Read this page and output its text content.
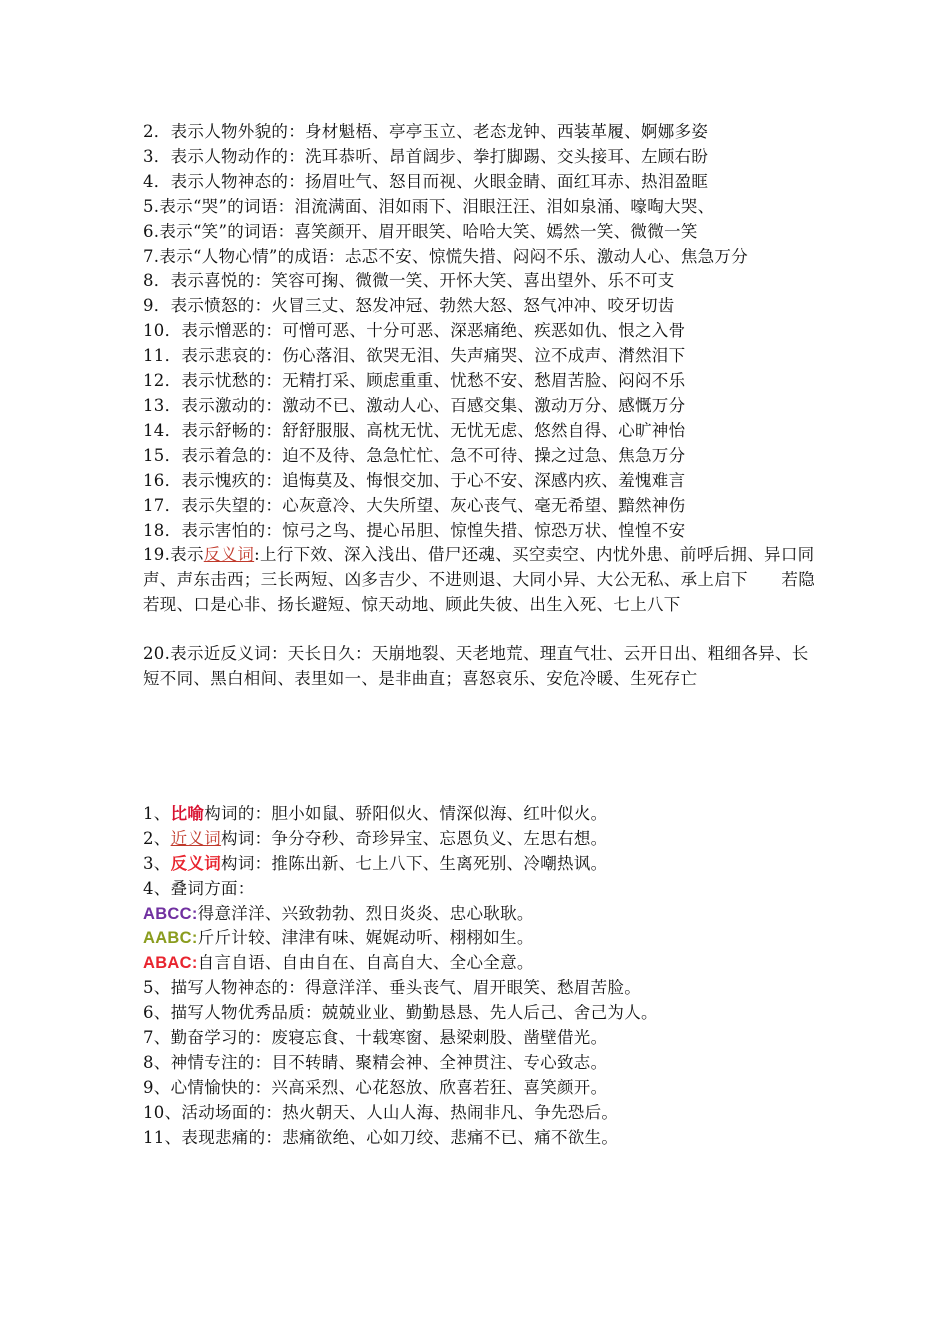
2．表示人物外貌的：身材魁梧、亭亭玉立、老态龙钟、西装革履、婀娜多姿
3．表示人物动作的：洗耳恭听、昂首阔步、拳打脚踢、交头接耳、左顾右盼
4．表示人物神态的：扬眉吐气、怒目而视、火眼金睛、面红耳赤、热泪盈眶
5.表示“哭”的词语：泪流满面、泪如雨下、泪眼汪汪、泪如泉涌、嚎啕大哭、
6.表示“笑”的词语：喜笑颜开、眉开眼笑、哈哈大笑、嫣然一笑、微微一笑
7.表示“人物心情”的成语：忐忑不安、惊慌失措、闷闷不乐、激动人心、焦急万分
8．表示喜悦的：笑容可掬、微微一笑、开怀大笑、喜出望外、乐不可支
9．表示愤怒的：火冒三丈、怒发冲冠、勃然大怒、怒气冲冲、咬牙切齿
10．表示憎恶的：可憎可恶、十分可恶、深恶痛绝、疾恶如仇、恨之入骨
11．表示悲哀的：伤心落泪、欲哭无泪、失声痛哭、泣不成声、潸然泪下
12．表示忧愁的：无精打采、顾虑重重、忧愁不安、愁眉苦脸、闷闷不乐
13．表示激动的：激动不已、激动人心、百感交集、激动万分、感慨万分
14．表示舒畅的：舒舒服服、高枕无忧、无忧无虑、悠然自得、心旷神怡
15．表示着急的：迫不及待、急急忙忙、急不可待、操之过急、焦急万分
16．表示愧疚的：追悔莫及、悔恨交加、于心不安、深感内疚、羞愧难言
17．表示失望的：心灰意冷、大失所望、灰心丧气、毫无希望、黯然神伤
18．表示害怕的：惊弓之鸟、提心吊胆、惊惶失措、惊恐万状、惶惶不安
19.表示反义词:上行下效、深入浅出、借尸还魂、买空卖空、内忧外患、前呼后拥、异口同声、声东击西；三长两短、凶多吉少、不进则退、大同小异、大公无私、承上启下　　若隐若现、口是心非、扬长避短、惊天动地、顾此失彼、出生入死、七上八下
20.表示近反义词：天长日久：天崩地裂、天老地荒、理直气壮、云开日出、粗细各异、长短不同、黑白相间、表里如一、是非曲直；喜怒哀乐、安危冷暖、生死存亡
1、比喻构词的：胆小如鼠、骄阳似火、情深似海、红叶似火。
2、近义词构词：争分夺秒、奇珍异宝、忘恩负义、左思右想。
3、反义词构词：推陈出新、七上八下、生离死别、冷嘲热讽。
4、叠词方面：
ABCC:得意洋洋、兴致勃勃、烈日炎炎、忠心耿耿。
AABC:斤斤计较、津津有味、娓娓动听、栩栩如生。
ABAC:自言自语、自由自在、自高自大、全心全意。
5、描写人物神态的：得意洋洋、垂头丧气、眉开眼笑、愁眉苦脸。
6、描写人物优秀品质：兢兢业业、勤勤恳恳、先人后己、舍己为人。
7、勤奋学习的：废寝忘食、十载寒窗、悬梁刺股、凿壁借光。
8、神情专注的：目不转睛、聚精会神、全神贯注、专心致志。
9、心情愉快的：兴高采烈、心花怒放、欣喜若狂、喜笑颜开。
10、活动场面的：热火朝天、人山人海、热闹非凡、争先恐后。
11、表现悲痛的：悲痛欲绝、心如刀绞、悲痛不已、痛不欲生。
